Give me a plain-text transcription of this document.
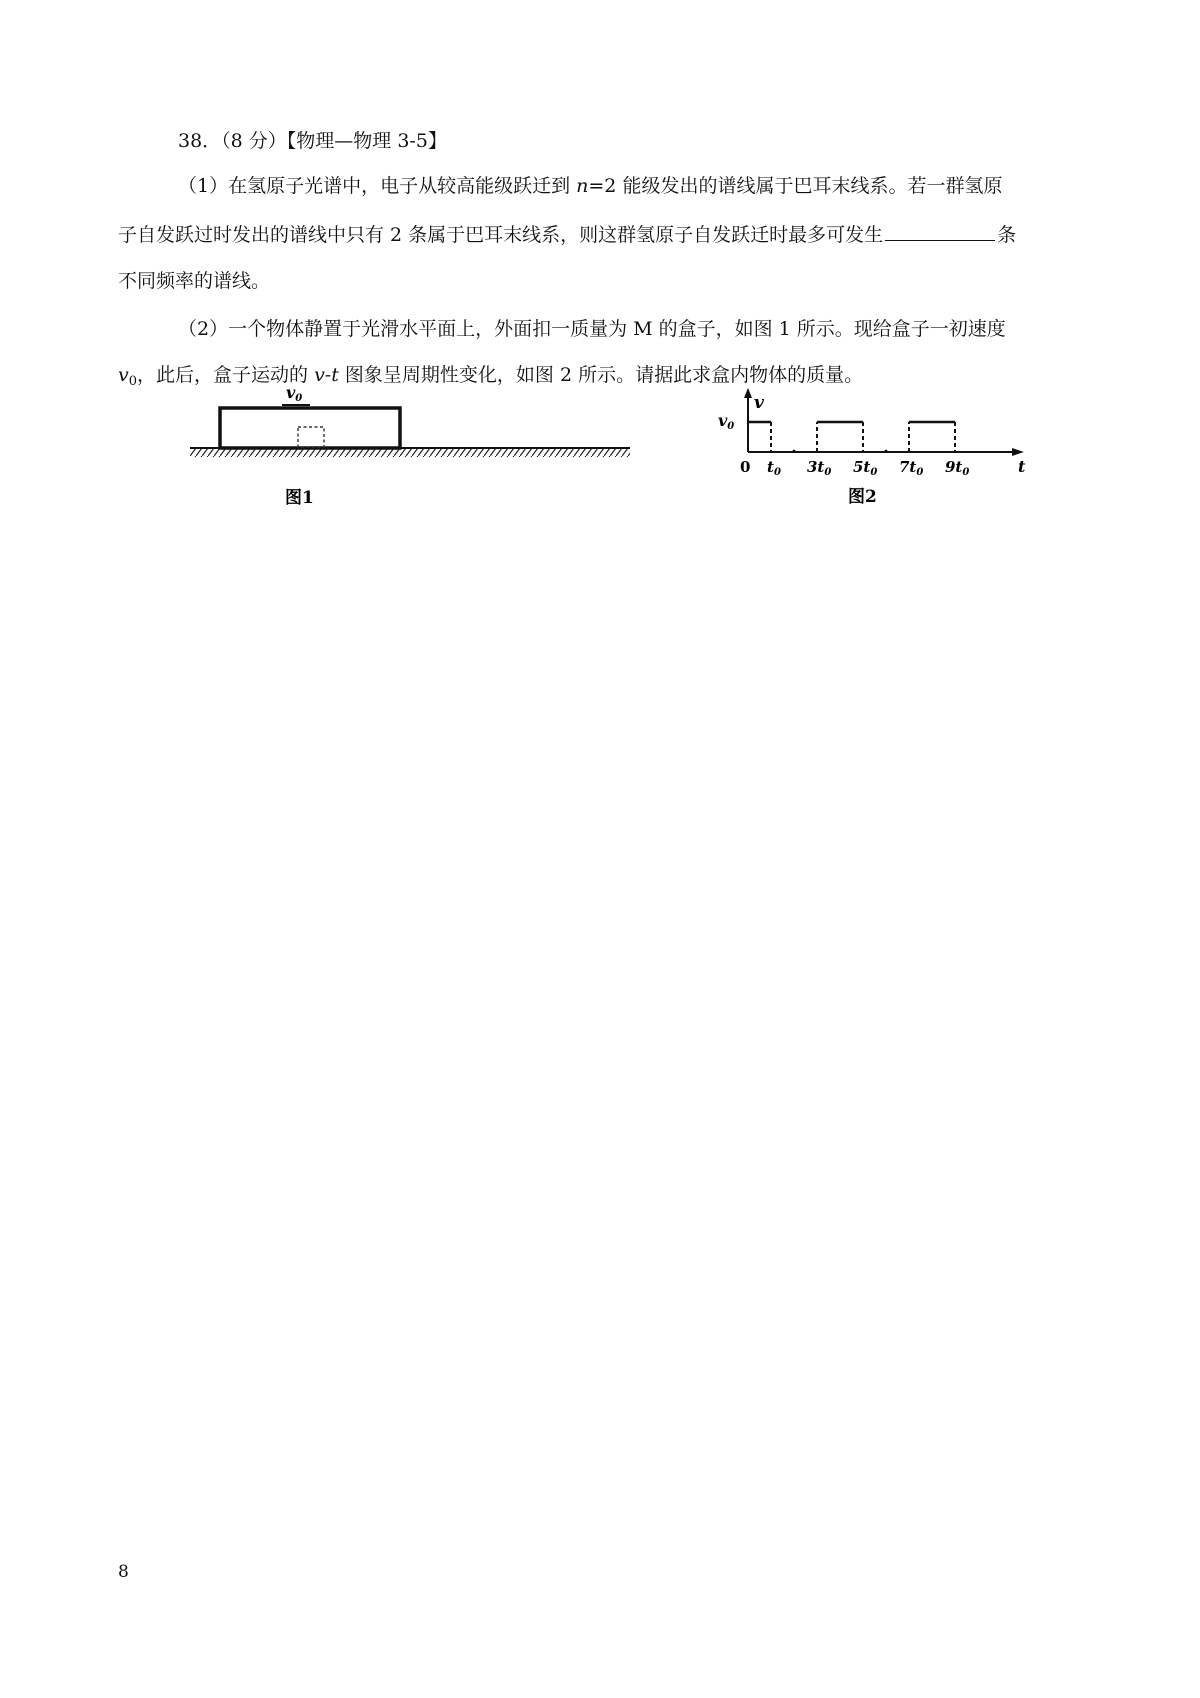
38．（8 分）【物理—物理 3-5】
（1）在氢原子光谱中，电子从较高能级跃迁到 n=2 能级发出的谱线属于巴耳末线系。若一群氢原
子自发跃过时发出的谱线中只有 2 条属于巴耳末线系，则这群氢原子自发跃迁时最多可发生	条
不同频率的谱线。
（2）一个物体静置于光滑水平面上，外面扣一质量为 M 的盒子，如图 1 所示。现给盒子一初速度
$v_0$，此后，盒子运动的 v-t 图象呈周期性变化，如图 2 所示。请据此求盒内物体的质量。
v0
图1
v
t
v0
0 $t_0$ $3t_0$ $5t_0$ $7t_0$ $9t_0$
图2
8
